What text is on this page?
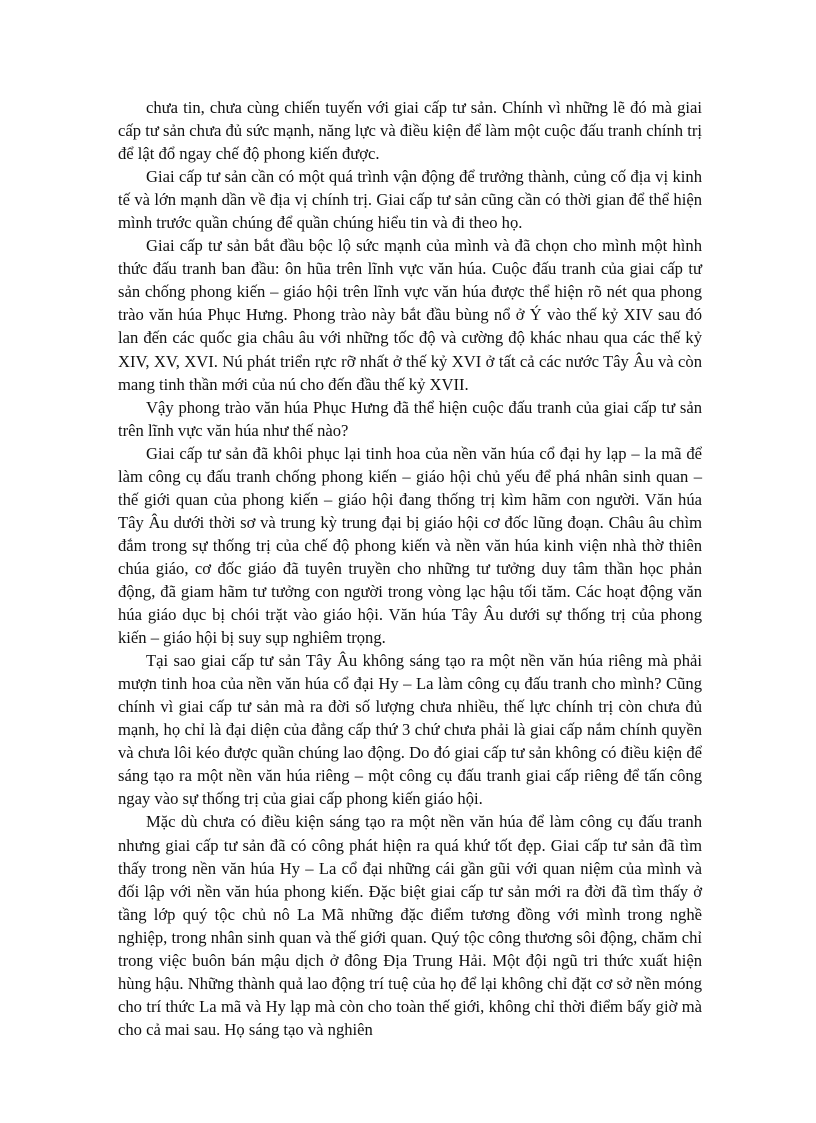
chưa tin, chưa cùng chiến tuyến với giai cấp tư sản. Chính vì những lẽ đó mà giai cấp tư sản chưa đủ sức mạnh, năng lực và điều kiện để làm một cuộc đấu tranh chính trị để lật đổ ngay chế độ phong kiến được.

Giai cấp tư sản cần có một quá trình vận động để trưởng thành, củng cố địa vị kinh tế và lớn mạnh dần về địa vị chính trị. Giai cấp tư sản cũng cần có thời gian để thể hiện mình trước quần chúng để quần chúng hiểu tin và đi theo họ.

Giai cấp tư sản bắt đầu bộc lộ sức mạnh của mình và đã chọn cho mình một hình thức đấu tranh ban đầu: ôn hũa trên lĩnh vực văn húa. Cuộc đấu tranh của giai cấp tư sản chống phong kiến – giáo hội trên lĩnh vực văn húa được thể hiện rõ nét qua phong trào văn húa Phục Hưng. Phong trào này bắt đầu bùng nổ ở Ý vào thế kỷ XIV sau đó lan đến các quốc gia châu âu với những tốc độ và cường độ khác nhau qua các thế kỷ XIV, XV, XVI. Nú phát triển rực rỡ nhất ở thế kỷ XVI ở tất cả các nước Tây Âu và còn mang tinh thần mới của nú cho đến đầu thế kỷ XVII.

Vậy phong trào văn húa Phục Hưng đã thể hiện cuộc đấu tranh của giai cấp tư sản trên lĩnh vực văn húa như thế nào?

Giai cấp tư sản đã khôi phục lại tinh hoa của nền văn húa cổ đại hy lạp – la mã để làm công cụ đấu tranh chống phong kiến – giáo hội chủ yếu để phá nhân sinh quan – thế giới quan của phong kiến – giáo hội đang thống trị kìm hãm con người. Văn húa Tây Âu dưới thời sơ và trung kỳ trung đại bị giáo hội cơ đốc lũng đoạn. Châu âu chìm đắm trong sự thống trị của chế độ phong kiến và nền văn húa kinh viện nhà thờ thiên chúa giáo, cơ đốc giáo đã tuyên truyền cho những tư tưởng duy tâm thần học phản động, đã giam hãm tư tưởng con người trong vòng lạc hậu tối tăm. Các hoạt động văn húa giáo dục bị chói trặt vào giáo hội. Văn húa Tây Âu dưới sự thống trị của phong kiến – giáo hội bị suy sụp nghiêm trọng.

Tại sao giai cấp tư sản Tây Âu không sáng tạo ra một nền văn húa riêng mà phải mượn tinh hoa của nền văn húa cổ đại Hy – La làm công cụ đấu tranh cho mình? Cũng chính vì giai cấp tư sản mà ra đời số lượng chưa nhiều, thế lực chính trị còn chưa đủ mạnh, họ chỉ là đại diện của đẳng cấp thứ 3 chứ chưa phải là giai cấp nắm chính quyền và chưa lôi kéo được quần chúng lao động. Do đó giai cấp tư sản không có điều kiện để sáng tạo ra một nền văn húa riêng – một công cụ đấu tranh giai cấp riêng để tấn công ngay vào sự thống trị của giai cấp phong kiến giáo hội.

Mặc dù chưa có điều kiện sáng tạo ra một nền văn húa để làm công cụ đấu tranh nhưng giai cấp tư sản đã có công phát hiện ra quá khứ tốt đẹp. Giai cấp tư sản đã tìm thấy trong nền văn húa Hy – La cổ đại những cái gần gũi với quan niệm của mình và đối lập với nền văn húa phong kiến. Đặc biệt giai cấp tư sản mới ra đời đã tìm thấy ở tầng lớp quý tộc chủ nô La Mã những đặc điểm tương đồng với mình trong nghề nghiệp, trong nhân sinh quan và thế giới quan. Quý tộc công thương sôi động, chăm chỉ trong việc buôn bán mậu dịch ở đông Địa Trung Hải. Một đội ngũ tri thức xuất hiện hùng hậu. Những thành quả lao động trí tuệ của họ để lại không chỉ đặt cơ sở nền móng cho trí thức La mã và Hy lạp mà còn cho toàn thế giới, không chỉ thời điểm bấy giờ mà cho cả mai sau. Họ sáng tạo và nghiên
